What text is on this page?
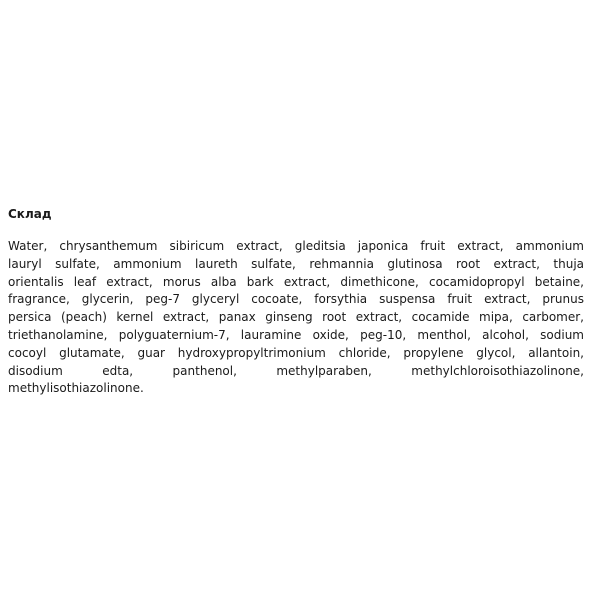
Склад
Water, chrysanthemum sibiricum extract, gleditsia japonica fruit extract, ammonium
lauryl sulfate, ammonium laureth sulfate, rehmannia glutinosa root extract, thuja
orientalis leaf extract, morus alba bark extract, dimethicone, cocamidopropyl betaine,
fragrance, glycerin, peg-7 glyceryl cocoate, forsythia suspensa fruit extract, prunus
persica (peach) kernel extract, panax ginseng root extract, cocamide mipa, carbomer,
triethanolamine, polyguaternium-7, lauramine oxide, peg-10, menthol, alcohol, sodium
cocoyl glutamate, guar hydroxypropyltrimonium chloride, propylene glycol, allantoin,
disodium edta, panthenol, methylparaben, methylchloroisothiazolinone,
methylisothiazolinone.
